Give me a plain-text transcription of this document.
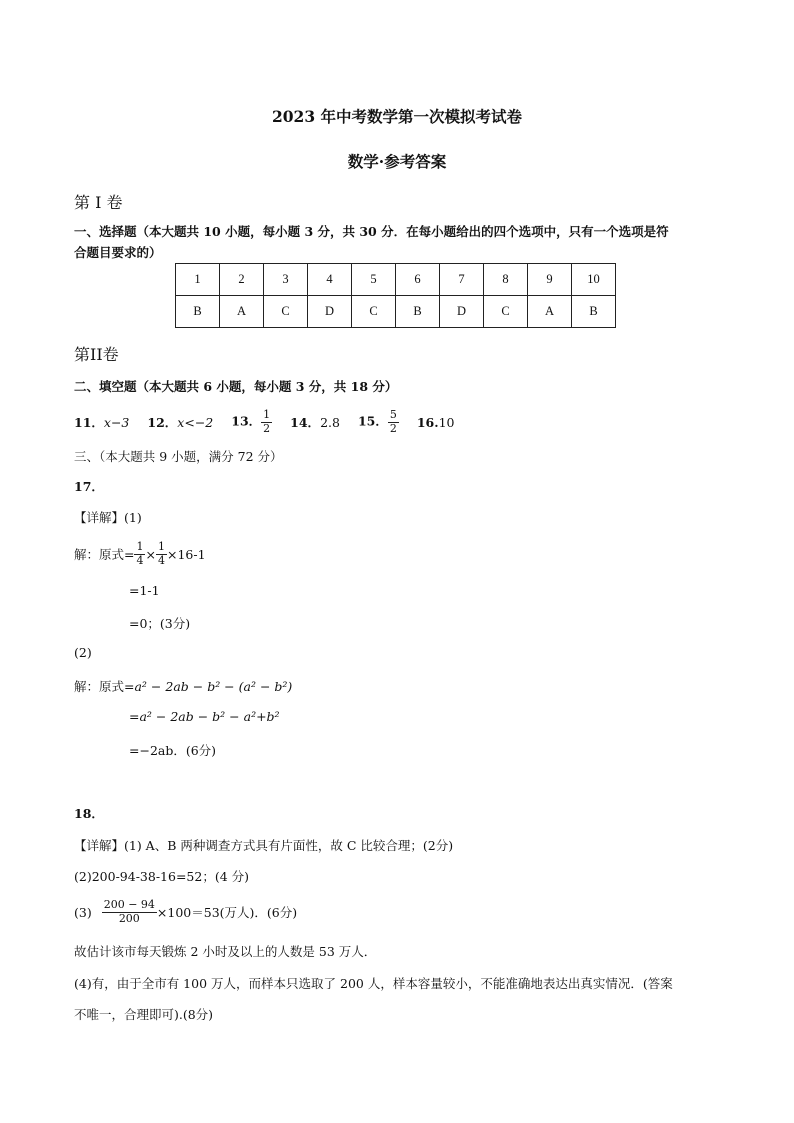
2023 年中考数学第一次模拟考试卷
数学·参考答案
第 I 卷
一、选择题（本大题共 10 小题，每小题 3 分，共 30 分．在每小题给出的四个选项中，只有一个选项是符
合题目要求的）
1	2	3	4	5	6	7	8	9	10
B	A	C	D	C	B	D	C	A	B
第II卷
二、填空题（本大题共 6 小题，每小题 3 分，共 18 分）
11．x−3 12．x<−2 13． $\frac{1}{2} 14$．2.8 15． $\frac{5}{2} 16.10$
三、（本大题共 9 小题，满分 72 分）
17．
【详解】(1)
解：原式= $\frac{1}{4} \times \frac{1}{4} \times 16-1$
=1-1
=0；(3分)
(2)
解：原式=a² − 2ab − b² − (a² − b²)
=a² − 2ab − b² − a²+b²
=−2ab．(6分)
18．
【详解】(1) A、B 两种调查方式具有片面性，故 C 比较合理；(2分)
(2)200-94-38-16=52；(4 分)
$(3) \frac{200 - 94}{200} \times 100=53$(万人)．(6分)
故估计该市每天锻炼 2 小时及以上的人数是 53 万人．
(4)有，由于全市有 100 万人，而样本只选取了 200 人，样本容量较小，不能准确地表达出真实情况．(答案
不唯一，合理即可).(8分)
